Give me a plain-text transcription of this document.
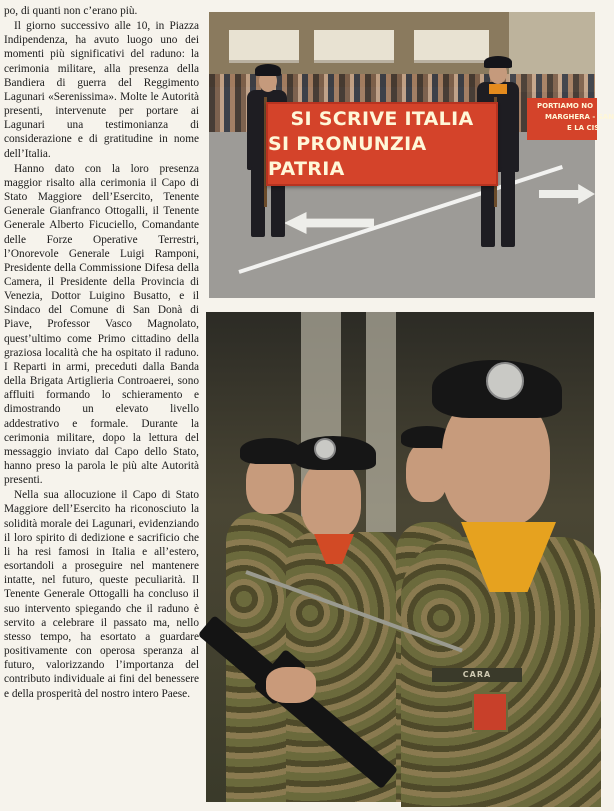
po, di quanti non c’erano più.

Il giorno successivo alle 10, in Piazza Indipendenza, ha avuto luogo uno dei momenti più significativi del raduno: la cerimonia militare, alla presenza della Bandiera di guerra del Reggimento Lagunari «Serenissima». Molte le Autorità presenti, intervenute per portare ai Lagunari una testimonianza di considerazione e di gratitudine in nome dell’Italia.

Hanno dato con la loro presenza maggior risalto alla cerimonia il Capo di Stato Maggiore dell’Esercito, Tenente Generale Gianfranco Ottogalli, il Tenente Generale Alberto Ficuciello, Comandante delle Forze Operative Terrestri, l’Onorevole Generale Luigi Ramponi, Presidente della Commissione Difesa della Camera, il Presidente della Provincia di Venezia, Dottor Luigino Busatto, e il Sindaco del Comune di San Donà di Piave, Professor Vasco Magnolato, quest’ultimo come Primo cittadino della graziosa località che ha ospitato il raduno. I Reparti in armi, preceduti dalla Banda della Brigata Artiglieria Controaerei, sono affluiti formando lo schieramento e dimostrando un elevato livello addestrativo e formale. Durante la cerimonia militare, dopo la lettura del messaggio inviato dal Capo dello Stato, hanno preso la parola le più alte Autorità presenti.

Nella sua allocuzione il Capo di Stato Maggiore dell’Esercito ha riconosciuto la solidità morale dei Lagunari, evidenziando il loro spirito di dedizione e sacrificio che li ha resi famosi in Italia e all’estero, esortandoli a proseguire nel mantenere intatte, nel futuro, queste peculiarità. Il Tenente Generale Ottogalli ha concluso il suo intervento spiegando che il raduno è servito a celebrare il passato ma, nello stesso tempo, ha esortato a guardare positivamente con operosa speranza al futuro, valorizzando l’importanza del contributo individuale ai fini del benessere e della prosperità del nostro intero Paese.

SI SCRIVE ITALIA
SI PRONUNZIA PATRIA
PORTIAMO NO
MARGHERA - SAN
E LA CIS
CARA
